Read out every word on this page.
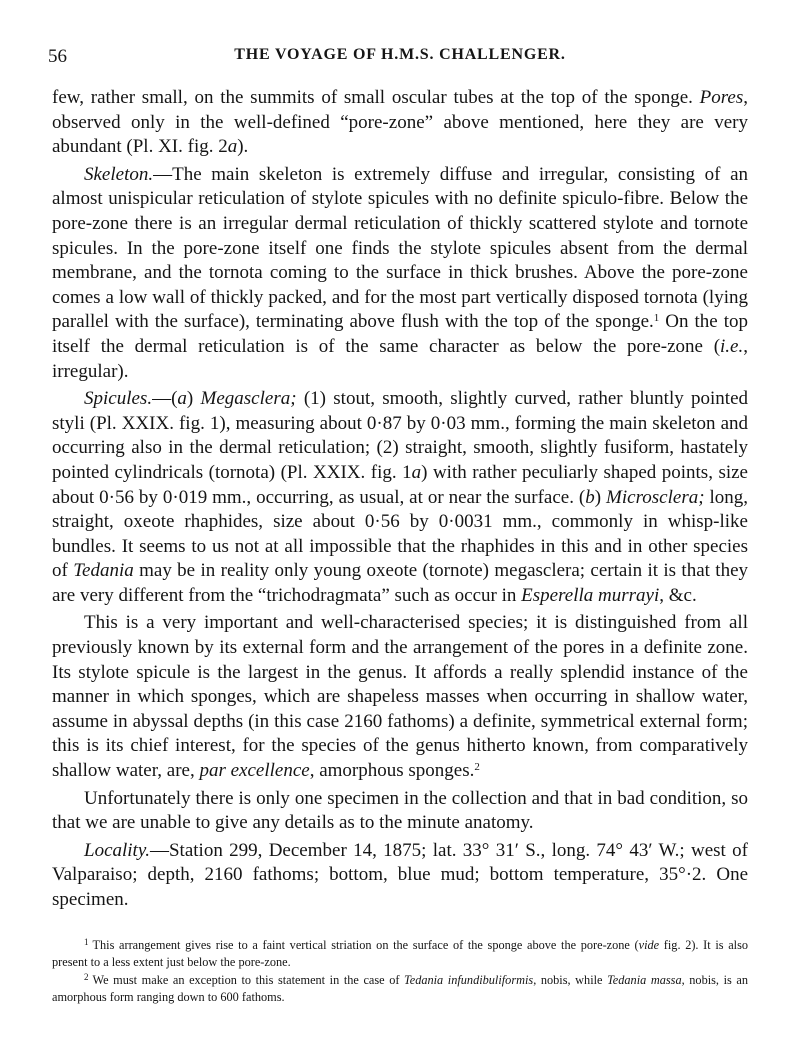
56	THE VOYAGE OF H.M.S. CHALLENGER.

few, rather small, on the summits of small oscular tubes at the top of the sponge. Pores, observed only in the well-defined “pore-zone” above mentioned, here they are very abundant (Pl. XI. fig. 2a).

Skeleton.—The main skeleton is extremely diffuse and irregular, consisting of an almost unispicular reticulation of stylote spicules with no definite spiculo-fibre. Below the pore-zone there is an irregular dermal reticulation of thickly scattered stylote and tornote spicules. In the pore-zone itself one finds the stylote spicules absent from the dermal membrane, and the tornota coming to the surface in thick brushes. Above the pore-zone comes a low wall of thickly packed, and for the most part vertically disposed tornota (lying parallel with the surface), terminating above flush with the top of the sponge.$^1$ On the top itself the dermal reticulation is of the same character as below the pore-zone (i.e., irregular).

Spicules.—(a) Megasclera; (1) stout, smooth, slightly curved, rather bluntly pointed styli (Pl. XXIX. fig. 1), measuring about 0·87 by 0·03 mm., forming the main skeleton and occurring also in the dermal reticulation; (2) straight, smooth, slightly fusiform, hastately pointed cylindricals (tornota) (Pl. XXIX. fig. 1a) with rather peculiarly shaped points, size about 0·56 by 0·019 mm., occurring, as usual, at or near the surface. (b) Microsclera; long, straight, oxeote rhaphides, size about 0·56 by 0·0031 mm., commonly in whisp-like bundles. It seems to us not at all impossible that the rhaphides in this and in other species of Tedania may be in reality only young oxeote (tornote) megasclera; certain it is that they are very different from the “trichodragmata” such as occur in Esperella murrayi, &c.

This is a very important and well-characterised species; it is distinguished from all previously known by its external form and the arrangement of the pores in a definite zone. Its stylote spicule is the largest in the genus. It affords a really splendid instance of the manner in which sponges, which are shapeless masses when occurring in shallow water, assume in abyssal depths (in this case 2160 fathoms) a definite, symmetrical external form; this is its chief interest, for the species of the genus hitherto known, from comparatively shallow water, are, par excellence, amorphous sponges.$^2$

Unfortunately there is only one specimen in the collection and that in bad condition, so that we are unable to give any details as to the minute anatomy.

Locality.—Station 299, December 14, 1875; lat. 33° 31′ S., long. 74° 43′ W.; west of Valparaiso; depth, 2160 fathoms; bottom, blue mud; bottom temperature, 35°·2. One specimen.

$^1$ This arrangement gives rise to a faint vertical striation on the surface of the sponge above the pore-zone (vide fig. 2). It is also present to a less extent just below the pore-zone.

$^2$ We must make an exception to this statement in the case of Tedania infundibuliformis, nobis, while Tedania massa, nobis, is an amorphous form ranging down to 600 fathoms.
